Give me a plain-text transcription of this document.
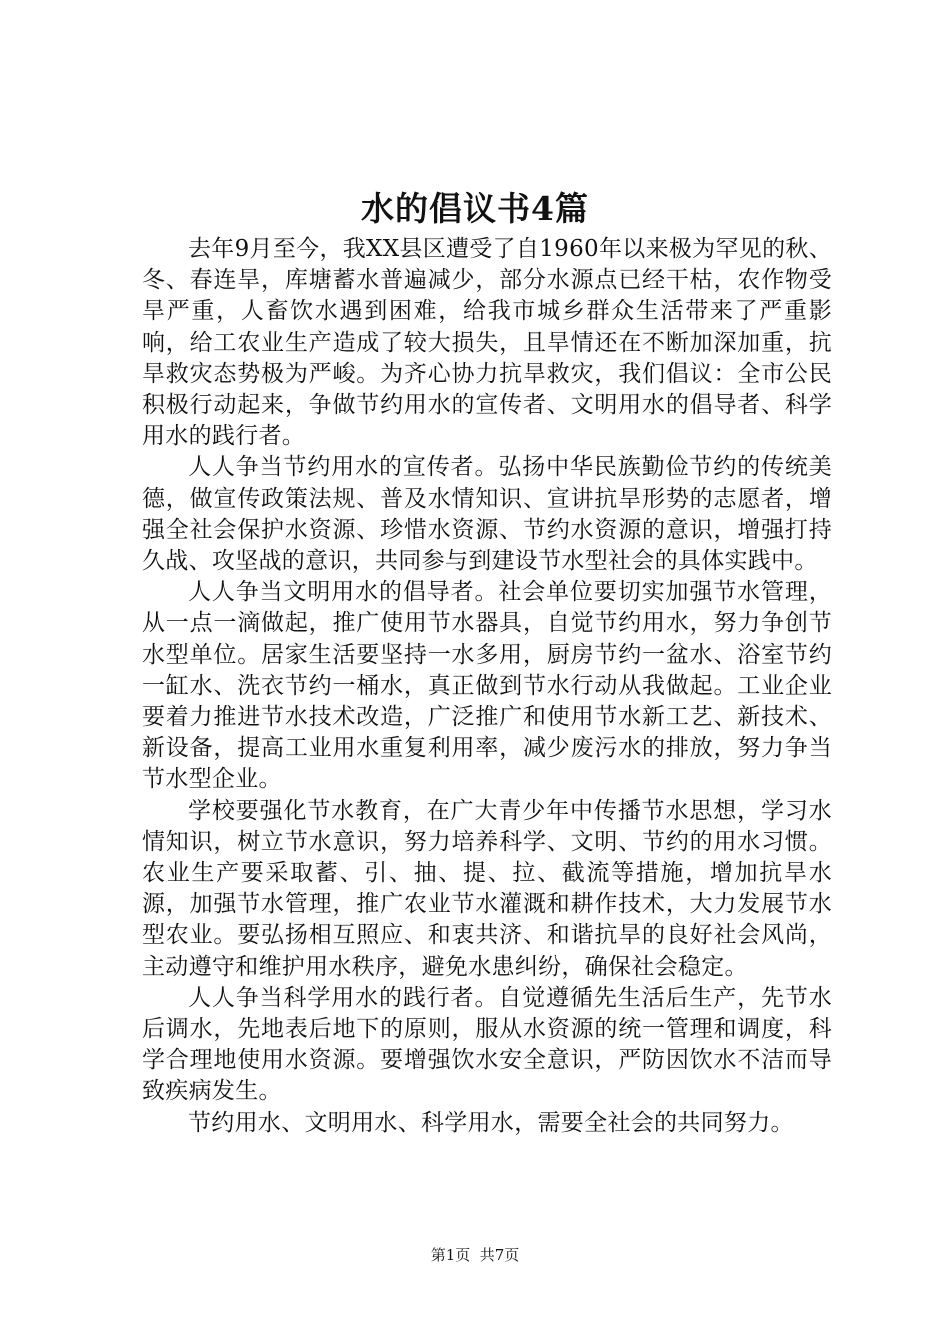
水的倡议书4篇

去年9月至今，我XX县区遭受了自1960年以来极为罕见的秋、冬、春连旱，库塘蓄水普遍减少，部分水源点已经干枯，农作物受旱严重，人畜饮水遇到困难，给我市城乡群众生活带来了严重影响，给工农业生产造成了较大损失，且旱情还在不断加深加重，抗旱救灾态势极为严峻。为齐心协力抗旱救灾，我们倡议：全市公民积极行动起来，争做节约用水的宣传者、文明用水的倡导者、科学用水的践行者。

人人争当节约用水的宣传者。弘扬中华民族勤俭节约的传统美德，做宣传政策法规、普及水情知识、宣讲抗旱形势的志愿者，增强全社会保护水资源、珍惜水资源、节约水资源的意识，增强打持久战、攻坚战的意识，共同参与到建设节水型社会的具体实践中。

人人争当文明用水的倡导者。社会单位要切实加强节水管理，从一点一滴做起，推广使用节水器具，自觉节约用水，努力争创节水型单位。居家生活要坚持一水多用，厨房节约一盆水、浴室节约一缸水、洗衣节约一桶水，真正做到节水行动从我做起。工业企业要着力推进节水技术改造，广泛推广和使用节水新工艺、新技术、新设备，提高工业用水重复利用率，减少废污水的排放，努力争当节水型企业。

学校要强化节水教育，在广大青少年中传播节水思想，学习水情知识，树立节水意识，努力培养科学、文明、节约的用水习惯。农业生产要采取蓄、引、抽、提、拉、截流等措施，增加抗旱水源，加强节水管理，推广农业节水灌溉和耕作技术，大力发展节水型农业。要弘扬相互照应、和衷共济、和谐抗旱的良好社会风尚，主动遵守和维护用水秩序，避免水患纠纷，确保社会稳定。

人人争当科学用水的践行者。自觉遵循先生活后生产，先节水后调水，先地表后地下的原则，服从水资源的统一管理和调度，科学合理地使用水资源。要增强饮水安全意识，严防因饮水不洁而导致疾病发生。

节约用水、文明用水、科学用水，需要全社会的共同努力。

第1页  共7页
